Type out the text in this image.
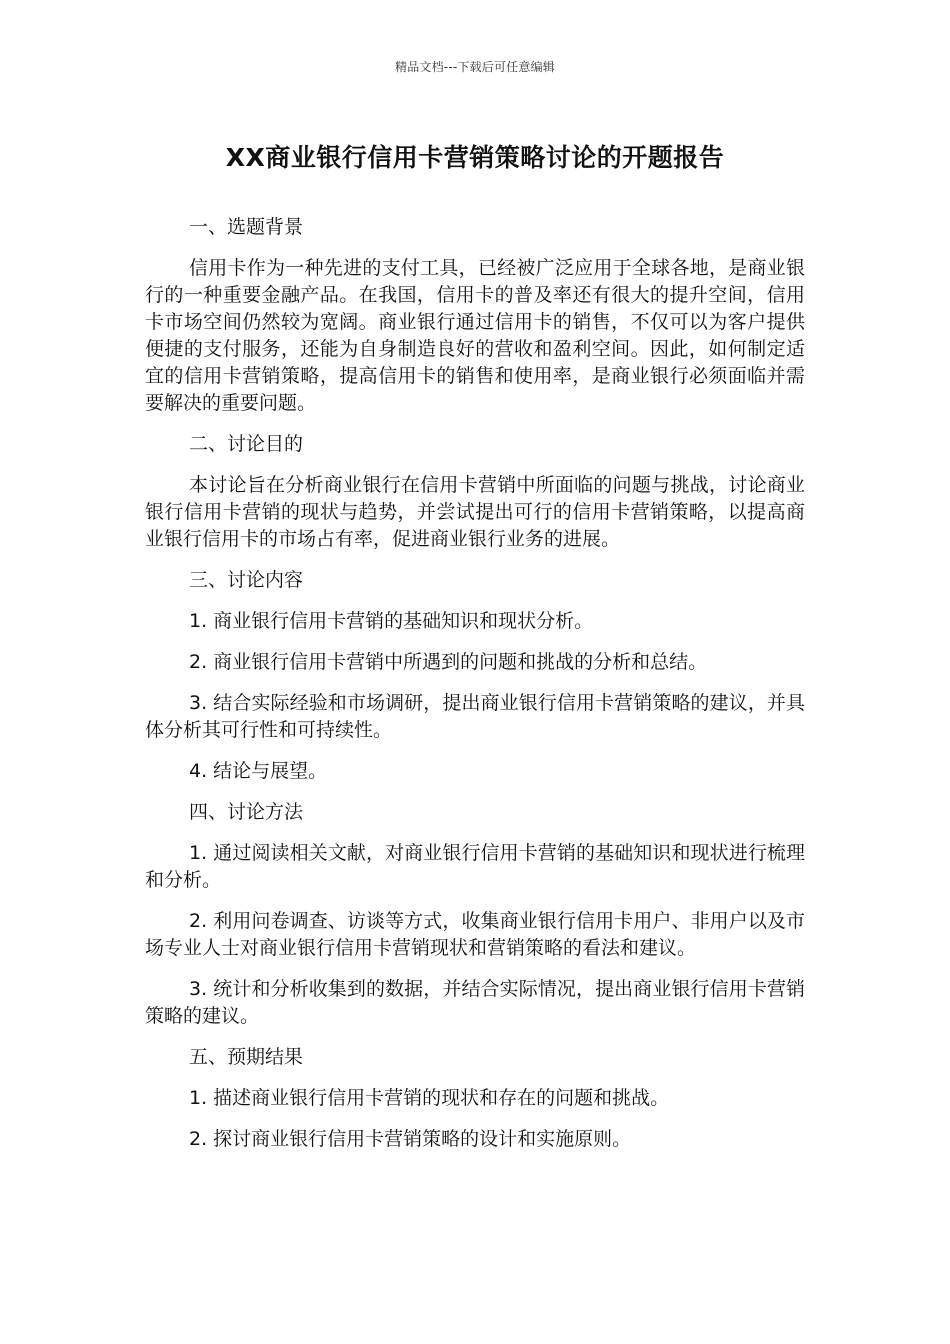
精品文档---下载后可任意编辑
XX商业银行信用卡营销策略讨论的开题报告

一、选题背景

信用卡作为一种先进的支付工具，已经被广泛应用于全球各地，是商业银行的一种重要金融产品。在我国，信用卡的普及率还有很大的提升空间，信用卡市场空间仍然较为宽阔。商业银行通过信用卡的销售，不仅可以为客户提供便捷的支付服务，还能为自身制造良好的营收和盈利空间。因此，如何制定适宜的信用卡营销策略，提高信用卡的销售和使用率，是商业银行必须面临并需要解决的重要问题。

二、讨论目的

本讨论旨在分析商业银行在信用卡营销中所面临的问题与挑战，讨论商业银行信用卡营销的现状与趋势，并尝试提出可行的信用卡营销策略，以提高商业银行信用卡的市场占有率，促进商业银行业务的进展。

三、讨论内容

1. 商业银行信用卡营销的基础知识和现状分析。

2. 商业银行信用卡营销中所遇到的问题和挑战的分析和总结。

3. 结合实际经验和市场调研，提出商业银行信用卡营销策略的建议，并具体分析其可行性和可持续性。

4. 结论与展望。

四、讨论方法

1. 通过阅读相关文献，对商业银行信用卡营销的基础知识和现状进行梳理和分析。

2. 利用问卷调查、访谈等方式，收集商业银行信用卡用户、非用户以及市场专业人士对商业银行信用卡营销现状和营销策略的看法和建议。

3. 统计和分析收集到的数据，并结合实际情况，提出商业银行信用卡营销策略的建议。

五、预期结果

1. 描述商业银行信用卡营销的现状和存在的问题和挑战。

2. 探讨商业银行信用卡营销策略的设计和实施原则。
